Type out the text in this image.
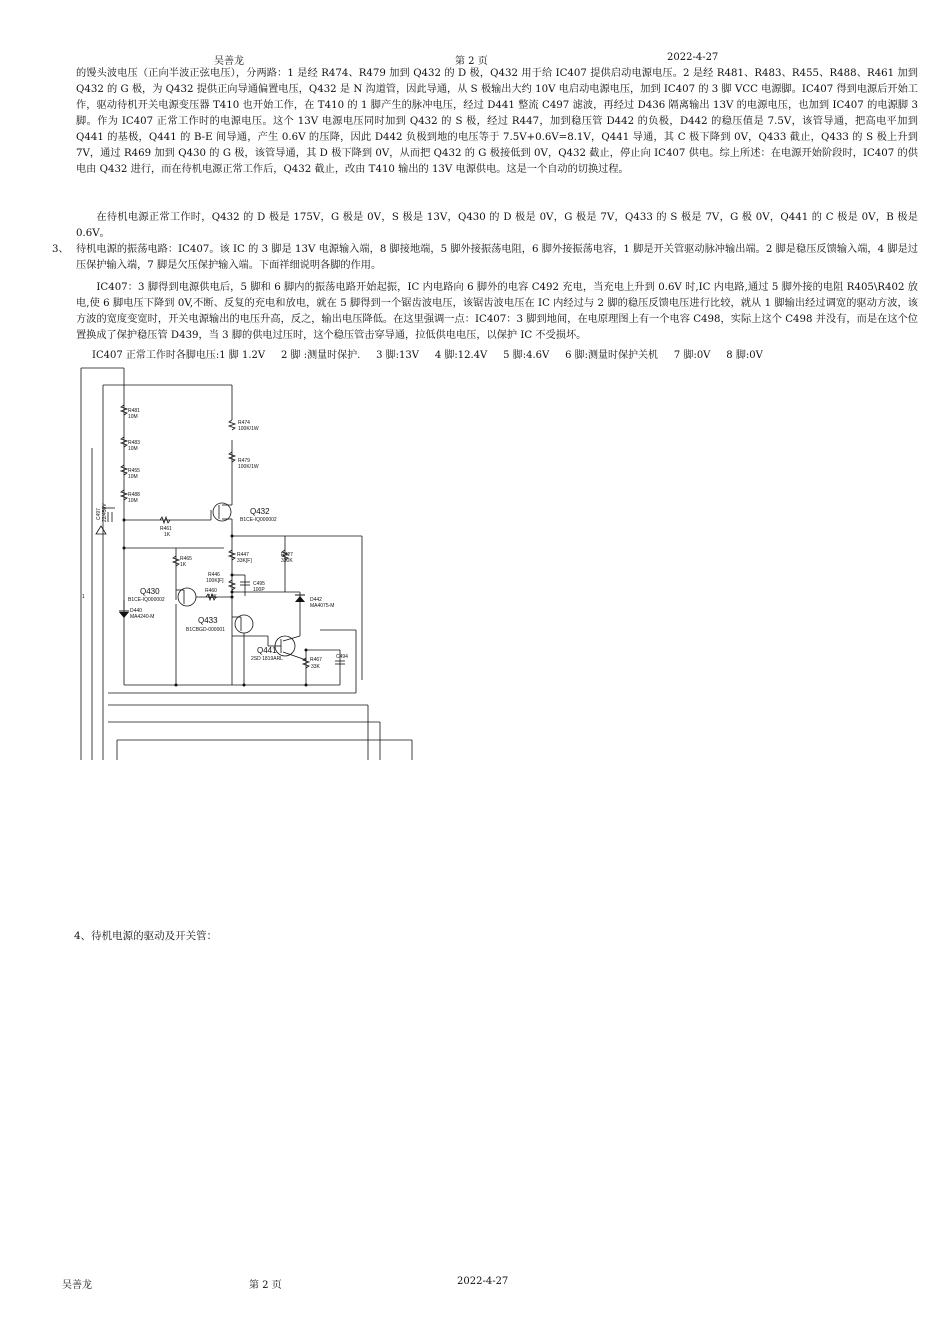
吴善龙	第 2 页	2022-4-27

的馒头波电压（正向半波正弦电压），分两路：1 是经 R474、R479 加到 Q432 的 D 极，Q432 用于给 IC407 提供启动电源电压。2 是经 R481、R483、R455、R488、R461 加到 Q432 的 G 极，为 Q432 提供正向导通偏置电压，Q432 是 N 沟道管，因此导通，从 S 极输出大约 10V 电启动电源电压，加到 IC407 的 3 脚 VCC 电源脚。IC407 得到电源后开始工作，驱动待机开关电源变压器 T410 也开始工作，在 T410 的 1 脚产生的脉冲电压，经过 D441 整流 C497 滤波，再经过 D436 隔离输出 13V 的电源电压，也加到 IC407 的电源脚 3 脚。作为 IC407 正常工作时的电源电压。这个 13V 电源电压同时加到 Q432 的 S 极，经过 R447，加到稳压管 D442 的负极，D442 的稳压值是 7.5V，该管导通，把高电平加到 Q441 的基极，Q441 的 B-E 间导通，产生 0.6V 的压降，因此 D442 负极到地的电压等于 7.5V+0.6V=8.1V，Q441 导通，其 C 极下降到 0V，Q433 截止，Q433 的 S 极上升到 7V，通过 R469 加到 Q430 的 G 极，该管导通，其 D 极下降到 0V，从而把 Q432 的 G 极接低到 0V，Q432 截止，停止向 IC407 供电。综上所述：在电源开始阶段时，IC407 的供电由 Q432 进行，而在待机电源正常工作后，Q432 截止，改由 T410 输出的 13V 电源供电。这是一个自动的切换过程。

在待机电源正常工作时，Q432 的 D 极是 175V，G 极是 0V，S 极是 13V，Q430 的 D 极是 0V，G 极是 7V，Q433 的 S 极是 7V，G 极 0V，Q441 的 C 极是 0V，B 极是 0.6V。

3、 待机电源的振荡电路：IC407。该 IC 的 3 脚是 13V 电源输入端，8 脚接地端，5 脚外接振荡电阻，6 脚外接振荡电容，1 脚是开关管驱动脉冲输出端。2 脚是稳压反馈输入端，4 脚是过压保护输入端，7 脚是欠压保护输入端。下面祥细说明各脚的作用。

IC407：3 脚得到电源供电后，5 脚和 6 脚内的振荡电路开始起振，IC 内电路向 6 脚外的电容 C492 充电，当充电上升到 0.6V 时,IC 内电路,通过 5 脚外接的电阻 R405\R402 放电,使 6 脚电压下降到 0V,不断、反复的充电和放电，就在 5 脚得到一个锯齿波电压，该锯齿波电压在 IC 内经过与 2 脚的稳压反馈电压进行比较，就从 1 脚输出经过调宽的驱动方波，该方波的宽度变宽时，开关电源输出的电压升高，反之，输出电压降低。在这里强调一点：IC407：3 脚到地间，在电原理图上有一个电容 C498，实际上这个 C498 并没有，而是在这个位置换成了保护稳压管 D439，当 3 脚的供电过压时，这个稳压管击穿导通，拉低供电电压，以保护 IC 不受损坏。

IC407 正常工作时各脚电压:1 脚 1.2V     2 脚 :测量时保护.     3 脚:13V     4 脚:12.4V     5 脚:4.6V     6 脚:测量时保护关机     7 脚:0V     8 脚:0V
R481
10M
R483
10M
R455
10M
R488
10M
R474
100K/1W
R479
100K/1W
C497 22/450V	Q432
B1CE-IQ000002
R461
1K
R465
1K
R447
33K[F]
R427
330K
R446
100K[F]	C495
100P
R460
10K
Q430
B1CE-IQ000002
D440
MA4240-M
D442
MA4075-M
Q433
B1CBGD-000001
Q441
2SD 1819ARL	R467
33K
C494
1
4、待机电源的驱动及开关管：
吴善龙	第 2 页	2022-4-27
